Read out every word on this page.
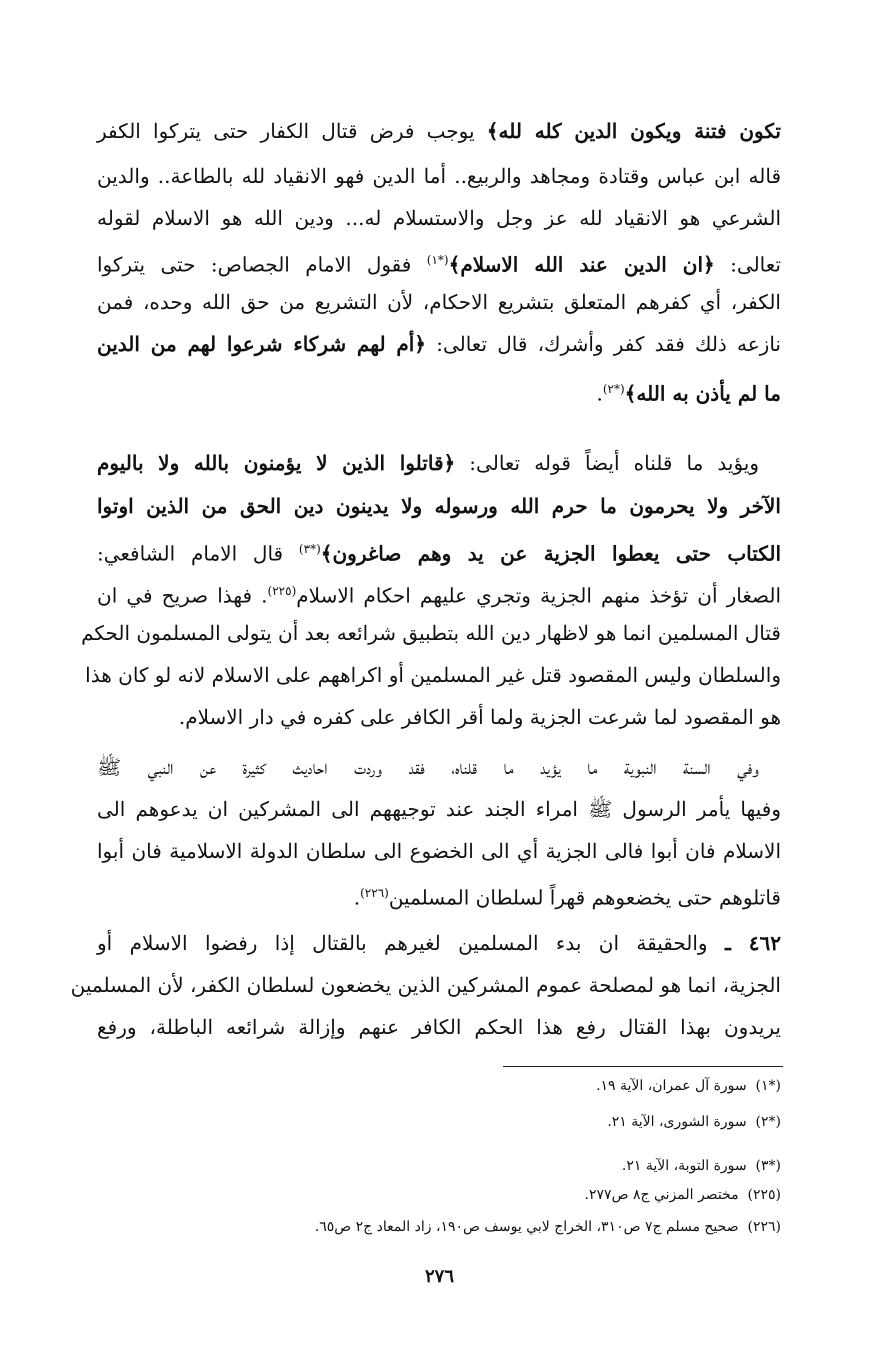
تكون فتنة ويكون الدين كله لله﴾ يوجب فرض قتال الكفار حتى يتركوا الكفر
قاله ابن عباس وقتادة ومجاهد والربيع.. أما الدين فهو الانقياد لله بالطاعة.. والدين
الشرعي هو الانقياد لله عز وجل والاستسلام له... ودين الله هو الاسلام لقوله
تعالى: ﴿ان الدين عند الله الاسلام﴾$^{(*١)}$ فقول الامام الجصاص: حتى يتركوا
الكفر، أي كفرهم المتعلق بتشريع الاحكام، لأن التشريع من حق الله وحده، فمن
نازعه ذلك فقد كفر وأشرك، قال تعالى: ﴿أم لهم شركاء شرعوا لهم من الدين
ما لم يأذن به الله﴾$^{(*٢)}$.
ويؤيد ما قلناه أيضاً قوله تعالى: ﴿قاتلوا الذين لا يؤمنون بالله ولا باليوم
الآخر ولا يحرمون ما حرم الله ورسوله ولا يدينون دين الحق من الذين اوتوا
الكتاب حتى يعطوا الجزية عن يد وهم صاغرون﴾$^{(*٣)}$ قال الامام الشافعي:
الصغار أن تؤخذ منهم الجزية وتجري عليهم احكام الاسلام$^{(٢٢٥)}$. فهذا صريح في ان
قتال المسلمين انما هو لاظهار دين الله بتطبيق شرائعه بعد أن يتولى المسلمون الحكم
والسلطان وليس المقصود قتل غير المسلمين أو اكراههم على الاسلام لانه لو كان هذا
هو المقصود لما شرعت الجزية ولما أقر الكافر على كفره في دار الاسلام.
وفي السنة النبوية ما يؤيد ما قلناه، فقد وردت احاديث كثيرة عن النبي ﷺ
وفيها يأمر الرسول ﷺ امراء الجند عند توجيههم الى المشركين ان يدعوهم الى
الاسلام فان أبوا فالى الجزية أي الى الخضوع الى سلطان الدولة الاسلامية فان أبوا
قاتلوهم حتى يخضعوهم قهراً لسلطان المسلمين$^{(٢٢٦)}$.
٤٦٢ ـ والحقيقة ان بدء المسلمين لغيرهم بالقتال إذا رفضوا الاسلام أو
الجزية، انما هو لمصلحة عموم المشركين الذين يخضعون لسلطان الكفر، لأن المسلمين
يريدون بهذا القتال رفع هذا الحكم الكافر عنهم وإزالة شرائعه الباطلة، ورفع
(*١)  سورة آل عمران، الآية ١٩.
(*٢)  سورة الشورى، الآية ٢١.
(*٣)  سورة التوبة، الآية ٢١.
(٢٢٥)  مختصر المزني ج٨ ص٢٧٧.
(٢٢٦)  صحيح مسلم ج٧ ص٣١٠، الخراج لابي يوسف ص١٩٠، زاد المعاد ج٢ ص٦٥.
٢٧٦
